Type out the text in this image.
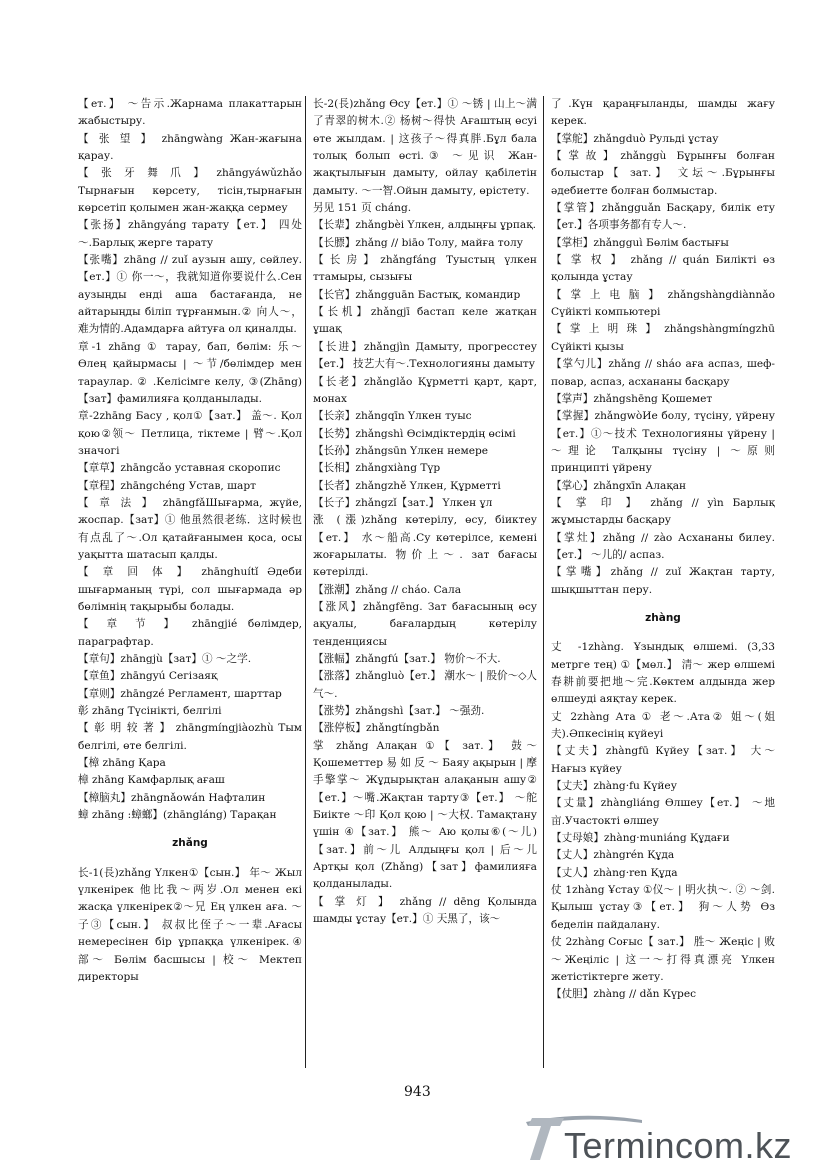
【ет.】 ～告示.Жарнама плакаттарын жабыстыру.

【 张 望 】 zhāngwàng Жан-жағына қарау.

【 张 牙 舞 爪 】 zhāngyáwǔzhǎo Тырнағын көрсету, тісін,тырнағын көрсетіп қолымен жан-жаққа сермеу

【张扬】zhāngyáng тарату【ет.】 四处～.Барлық жерге тарату

【张嘴】zhāng // zuǐ аузын ашу, сөйлеу.【ет.】① 你一～，我就知道你要说什么.Сен аузыңды енді аша бастағанда, не айтарыңды біліп тұрғанмын.② 向人～，难为情的.Адамдарға айтуға ол қиналды.

章-1 zhāng ① тарау, бап, бөлім: 乐～ Өлең қайырмасы | ～节/бөлімдер мен тараулар. ② .Келісімге келу, ③(Zhāng)【зат】фамилияға қолданылады.

章-2zhāng Басу , қол①【зат.】 盖～. Қол қою②领～ Петлица, тіктеме | 臂～.Қол значогі

【章草】zhāngcǎo уставная скоропис

【章程】zhāngchéng Устав, шарт

【 章 法 】 zhāngfǎШығарма, жүйе, жоспар.【зат】① 他虽然很老练．这时候也有点乱了～.Ол қатайғанымен қоса, осы уақытта шатасып қалды.

【 章 回 体 】 zhānghuítǐ Әдеби шығарманың түрі, сол шығармада әр бөлімнің тақырыбы болады.

【 章 节 】 zhāngjié бөлімдер, параграфтар.

【章句】zhāngjù【зат】① ～之学.

【章鱼】zhāngyú Сегізаяқ

【章则】zhāngzé Регламент, шарттар

彰 zhāng Түсінікті, белгілі

【 彰 明 较 著 】 zhāngmíngjiàozhù Тым белгілі, өте белгілі.

【樟 zhāng Қара

樟 zhāng Камфарлық ағаш

【樟脑丸】zhāngnǎowán Нафталин

蟑 zhāng :蟑螂】(zhāngláng) Тарақан

zhǎng

长-1(長)zhǎng Үлкен①【сын.】 年～ Жыл үлкенірек 他比我～两岁.Ол менен екі жасқа үлкенірек②～兄 Ең үлкен аға. ～子③【сын.】 叔叔比侄子～一辈.Ағасы немересінен бір ұрпаққа үлкенірек.④ 部～ Бөлім басшысы | 校～ Мектеп директоры

长-2(長)zhǎng Өсу【ет.】① ～锈 | 山上～满了青翠的树木.② 杨树～得快 Ағаштың өсуі өте жылдам. | 这孩子～得真胖.Бұл бала толық болып өсті.③ ～见识 Жан-жақтылығын дамыту, ойлау қабілетін дамыту. ～一智.Ойын дамыту, өрістету.

另见 151 页 cháng.

【长辈】zhǎngbèi Үлкен, алдыңғы ұрпақ.

【长膘】zhǎng // biāo Толу, майға толу

【长房】zhǎngfáng Туыстың үлкен ттамыры, сызығы

【长官】zhǎngguān Бастық, командир

【长机】zhǎngjī бастап келе жатқан ұшақ

【长进】zhǎngjìn Дамыту, прогресстеу【ет.】 技艺大有～.Технологияны дамыту

【长老】zhǎnglǎo Құрметті қарт, қарт, монах

【长亲】zhǎngqīn Үлкен туыс

【长势】zhǎngshì Өсімдіктердің өсімі

【长孙】zhǎngsūn Үлкен немере

【长相】zhǎngxiàng Түр

【长者】zhǎngzhě Үлкен, Құрметті

【长子】zhǎngzǐ【зат.】 Үлкен ұл

涨 (漲)zhǎng көтерілу, өсу, біиктеу【ет.】 水～船高.Су көтерілсе, кемені жоғарылаты. 物价上～. зат бағасы көтерілді.

【涨潮】zhǎng // cháo. Сала

【涨风】zhǎngfēng. Зат бағасының өсу ақуалы, бағалардың көтерілу тенденциясы

【涨幅】zhǎngfú【зат.】 物价～不大.

【涨落】zhǎngluò【ет.】 潮水～ | 股价～◇人气～.

【涨势】zhǎngshì【зат.】 ～强劲.

【涨停板】zhǎngtíngbǎn

掌 zhǎng Алақан ①【 зат.】 鼓～ Қошеметтер 易 如 反 ～ Баяу ақырын | 摩手擎掌～ Жұдырықтан алақанын ашу②【ет.】～嘴.Жақтан тарту③【ет.】 ～舵 Биікте ～印 Қол қою | ～大权. Тамақтану үшін ④【зат.】 熊～ Аю қолы⑥(～儿)【зат.】前～儿 Алдыңғы қол | 后～儿 Артқы қол (Zhǎng)【зат】фамилияға қолданылады.

【 掌 灯 】 zhǎng // dēng Қолында шамды ұстау【ет.】① 天黑了，该～

了.Күн қараңғыланды, шамды жағу керек.

【掌舵】zhǎngduò Рульді ұстау

【掌故】zhǎnggù Бұрынғы болған болыстар【 зат.】 文坛～.Бұрынғы әдебиетте болған болмыстар.

【掌管】zhǎngguǎn Басқару, билік ету【ет.】各项事务都有专人～.

【掌柜】zhǎngguì Бөлім бастығы

【 掌 权 】 zhǎng // quán Билікті өз қолында ұстау

【 掌 上 电 脑 】 zhǎngshàngdiànnǎo Сүйікті компьютері

【 掌 上 明 珠 】 zhǎngshàngmíngzhū Сүйікті қызы

【掌勺儿】zhǎng // sháo аға аспаз, шеф- повар, аспаз, асхананы басқару

【掌声】zhǎngshēng Қошемет

【掌握】zhǎngwòИе болу, түсіну, үйрену【ет.】①～技术 Технологияны үйрену | ～理论 Талқыны түсіну | ～原则 принципті үйрену

【掌心】zhǎngxīn Алақан

【 掌 印 】 zhǎng // yìn Барлық жұмыстарды басқару

【掌灶】zhǎng // zào Асхананы билеу.【ет.】 ～儿的/ аспаз.

【掌嘴】zhǎng // zuǐ Жақтан тарту, шықшыттан перу.

zhàng

丈 -1zhàng. Ұзындық өлшемі. (3,33 метрге тең) ①【мөл.】 清～ жер өлшемі 春耕前要把地～完.Көктем алдында жер өлшеуді аяқтау керек.

丈 2zhàng Ата ① 老～.Ата② 姐～(姐夫).Әпкесінің күйеуі

【丈夫】zhàngfū Күйеу【зат.】 大～ Нағыз күйеу

【丈夫】zhàng·fu Күйеу

【丈量】zhàngliáng Өлшеу【ет.】 ～地亩.Участокті өлшеу

【丈母娘】zhàng·muniáng Құдағи

【丈人】zhàngrén Құда

【丈人】zhàng·ren Құда

仗 1zhàng Ұстау ①仪～ | 明火执～. ② ～剑. Қылыш ұстау③【ет.】 狗～人势 Өз беделін пайдалану.

仗 2zhàng Соғыс【 зат.】 胜～ Жеңіс | 败～Жеңіліс | 这一～打得真漂亮 Үлкен жетістіктерге жету.

【仗胆】zhàng // dǎn Күрес

943
Termincom.kz
